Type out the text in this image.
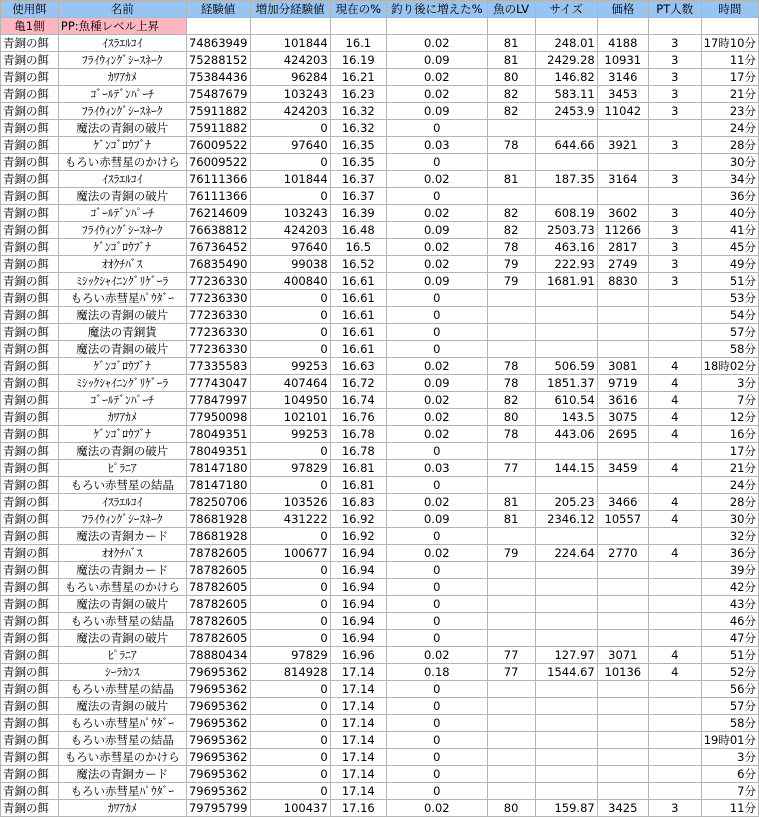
使用餌	名前	経験値	増加分経験値	現在の%	釣り後に増えた%	魚のLV	サイズ	価格	PT人数	時間
亀1側	PP:魚種レベル上昇									
青銅の餌	ｲｽﾗｴﾙｺｲ	74863949	101844	16.1	0.02	81	248.01	4188	3	17時10分
青銅の餌	ﾌﾗｲｳｨﾝｸﾞｼｰｽﾈｰｸ	75288152	424203	16.19	0.09	81	2429.28	10931	3	11分
青銅の餌	ｶﾜｱｶﾒ	75384436	96284	16.21	0.02	80	146.82	3146	3	17分
青銅の餌	ｺﾞｰﾙﾃﾞﾝﾊﾟｰﾁ	75487679	103243	16.23	0.02	82	583.11	3453	3	21分
青銅の餌	ﾌﾗｲｳｨﾝｸﾞｼｰｽﾈｰｸ	75911882	424203	16.32	0.09	82	2453.9	11042	3	23分
青銅の餌	魔法の青銅の破片	75911882	0	16.32	0					24分
青銅の餌	ｹﾞﾝｺﾞﾛｳﾌﾞﾅ	76009522	97640	16.35	0.03	78	644.66	3921	3	28分
青銅の餌	もろい赤彗星のかけら	76009522	0	16.35	0					30分
青銅の餌	ｲｽﾗｴﾙｺｲ	76111366	101844	16.37	0.02	81	187.35	3164	3	34分
青銅の餌	魔法の青銅の破片	76111366	0	16.37	0					36分
青銅の餌	ｺﾞｰﾙﾃﾞﾝﾊﾟｰﾁ	76214609	103243	16.39	0.02	82	608.19	3602	3	40分
青銅の餌	ﾌﾗｲｳｨﾝｸﾞｼｰｽﾈｰｸ	76638812	424203	16.48	0.09	82	2503.73	11266	3	41分
青銅の餌	ｹﾞﾝｺﾞﾛｳﾌﾞﾅ	76736452	97640	16.5	0.02	78	463.16	2817	3	45分
青銅の餌	ｵｵｸﾁﾊﾞｽ	76835490	99038	16.52	0.02	79	222.93	2749	3	49分
青銅の餌	ﾐｼｯｸｼｬｲﾆﾝｸﾞﾘｹﾞｰﾗ	77236330	400840	16.61	0.09	79	1681.91	8830	3	51分
青銅の餌	もろい赤彗星ﾊﾟｳﾀﾞｰ	77236330	0	16.61	0					53分
青銅の餌	魔法の青銅の破片	77236330	0	16.61	0					54分
青銅の餌	魔法の青銅貨	77236330	0	16.61	0					57分
青銅の餌	魔法の青銅の破片	77236330	0	16.61	0					58分
青銅の餌	ｹﾞﾝｺﾞﾛｳﾌﾞﾅ	77335583	99253	16.63	0.02	78	506.59	3081	4	18時02分
青銅の餌	ﾐｼｯｸｼｬｲﾆﾝｸﾞﾘｹﾞｰﾗ	77743047	407464	16.72	0.09	78	1851.37	9719	4	3分
青銅の餌	ｺﾞｰﾙﾃﾞﾝﾊﾟｰﾁ	77847997	104950	16.74	0.02	82	610.54	3616	4	7分
青銅の餌	ｶﾜｱｶﾒ	77950098	102101	16.76	0.02	80	143.5	3075	4	12分
青銅の餌	ｹﾞﾝｺﾞﾛｳﾌﾞﾅ	78049351	99253	16.78	0.02	78	443.06	2695	4	16分
青銅の餌	魔法の青銅の破片	78049351	0	16.78	0					17分
青銅の餌	ﾋﾟﾗﾆｱ	78147180	97829	16.81	0.03	77	144.15	3459	4	21分
青銅の餌	もろい赤彗星の結晶	78147180	0	16.81	0					24分
青銅の餌	ｲｽﾗｴﾙｺｲ	78250706	103526	16.83	0.02	81	205.23	3466	4	28分
青銅の餌	ﾌﾗｲｳｨﾝｸﾞｼｰｽﾈｰｸ	78681928	431222	16.92	0.09	81	2346.12	10557	4	30分
青銅の餌	魔法の青銅カード	78681928	0	16.92	0					32分
青銅の餌	ｵｵｸﾁﾊﾞｽ	78782605	100677	16.94	0.02	79	224.64	2770	4	36分
青銅の餌	魔法の青銅カード	78782605	0	16.94	0					39分
青銅の餌	もろい赤彗星のかけら	78782605	0	16.94	0					42分
青銅の餌	魔法の青銅の破片	78782605	0	16.94	0					43分
青銅の餌	もろい赤彗星の結晶	78782605	0	16.94	0					46分
青銅の餌	魔法の青銅の破片	78782605	0	16.94	0					47分
青銅の餌	ﾋﾟﾗﾆｱ	78880434	97829	16.96	0.02	77	127.97	3071	4	51分
青銅の餌	ｼｰﾗｶﾝｽ	79695362	814928	17.14	0.18	77	1544.67	10136	4	52分
青銅の餌	もろい赤彗星の結晶	79695362	0	17.14	0					56分
青銅の餌	魔法の青銅の破片	79695362	0	17.14	0					57分
青銅の餌	もろい赤彗星ﾊﾟｳﾀﾞｰ	79695362	0	17.14	0					58分
青銅の餌	もろい赤彗星の結晶	79695362	0	17.14	0					19時01分
青銅の餌	もろい赤彗星のかけら	79695362	0	17.14	0					3分
青銅の餌	魔法の青銅カード	79695362	0	17.14	0					6分
青銅の餌	もろい赤彗星ﾊﾟｳﾀﾞｰ	79695362	0	17.14	0					7分
青銅の餌	ｶﾜｱｶﾒ	79795799	100437	17.16	0.02	80	159.87	3425	3	11分
